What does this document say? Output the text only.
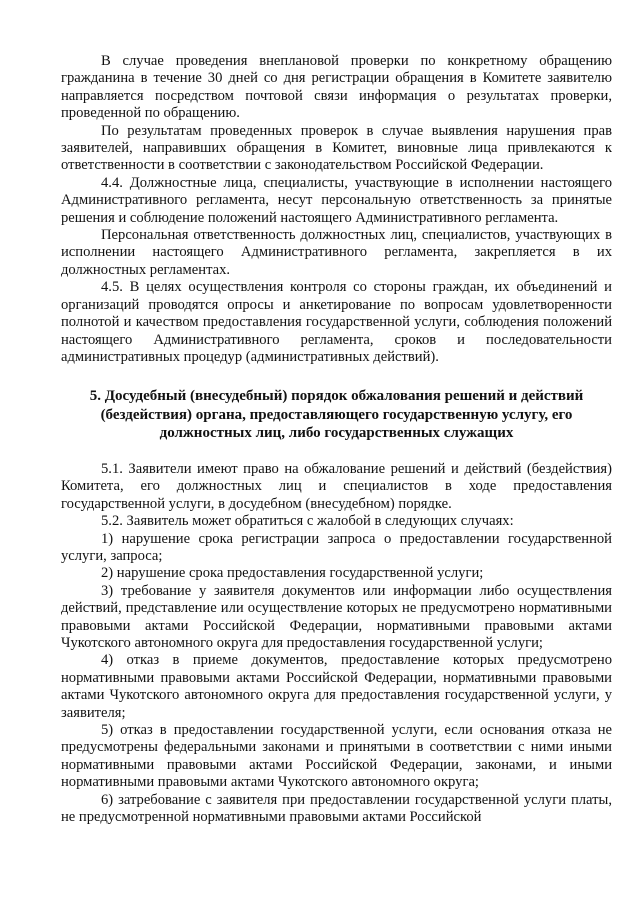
В случае проведения внеплановой проверки по конкретному обращению гражданина в течение 30 дней со дня регистрации обращения в Комитете заявителю направляется посредством почтовой связи информация о результатах проверки, проведенной по обращению.

По результатам проведенных проверок в случае выявления нарушения прав заявителей, направивших обращения в Комитет, виновные лица привлекаются к ответственности в соответствии с законодательством Российской Федерации.

4.4. Должностные лица, специалисты, участвующие в исполнении настоящего Административного регламента, несут персональную ответственность за принятые решения и соблюдение положений настоящего Административного регламента.

Персональная ответственность должностных лиц, специалистов, участвующих в исполнении настоящего Административного регламента, закрепляется в их должностных регламентах.

4.5. В целях осуществления контроля со стороны граждан, их объединений и организаций проводятся опросы и анкетирование по вопросам удовлетворенности полнотой и качеством предоставления государственной услуги, соблюдения положений настоящего Административного регламента, сроков и последовательности административных процедур (административных действий).

5. Досудебный (внесудебный) порядок обжалования решений и действий (бездействия) органа, предоставляющего государственную услугу, его должностных лиц, либо государственных служащих

5.1. Заявители имеют право на обжалование решений и действий (бездействия) Комитета, его должностных лиц и специалистов в ходе предоставления государственной услуги, в досудебном (внесудебном) порядке.

5.2. Заявитель может обратиться с жалобой в следующих случаях:

1) нарушение срока регистрации запроса о предоставлении государственной услуги, запроса;

2) нарушение срока предоставления государственной услуги;

3) требование у заявителя документов или информации либо осуществления действий, представление или осуществление которых не предусмотрено нормативными правовыми актами Российской Федерации, нормативными правовыми актами Чукотского автономного округа для предоставления государственной услуги;

4) отказ в приеме документов, предоставление которых предусмотрено нормативными правовыми актами Российской Федерации, нормативными правовыми актами Чукотского автономного округа для предоставления государственной услуги, у заявителя;

5) отказ в предоставлении государственной услуги, если основания отказа не предусмотрены федеральными законами и принятыми в соответствии с ними иными нормативными правовыми актами Российской Федерации, законами, и иными нормативными правовыми актами Чукотского автономного округа;

6) затребование с заявителя при предоставлении государственной услуги платы, не предусмотренной нормативными правовыми актами Российской
